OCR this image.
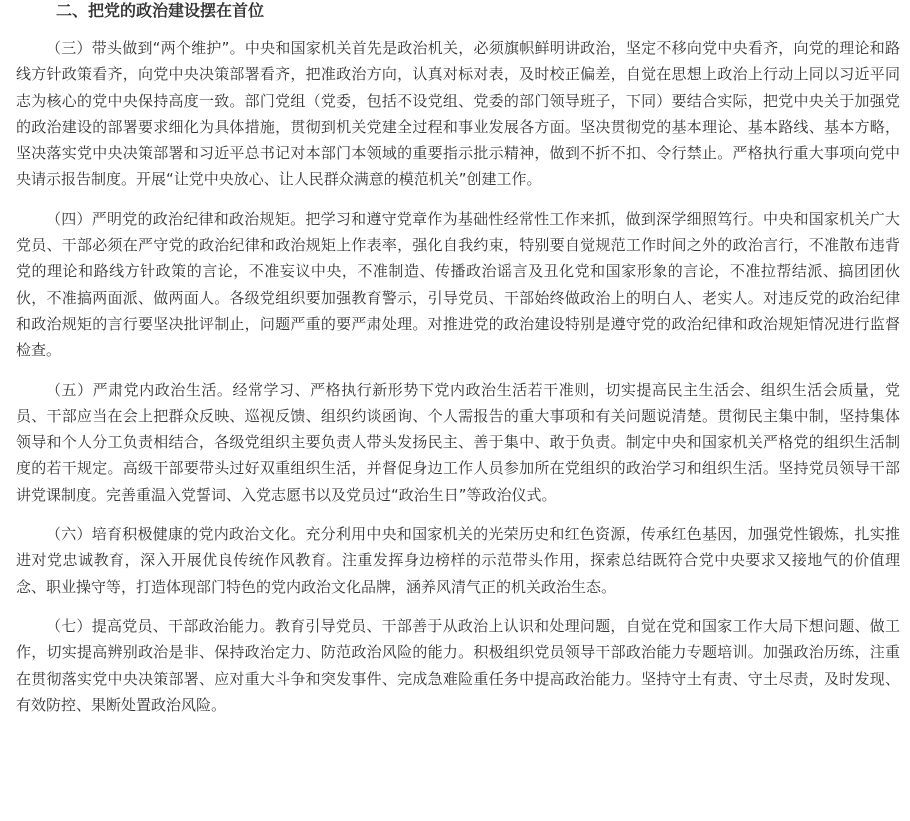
二、把党的政治建设摆在首位

（三）带头做到“两个维护”。中央和国家机关首先是政治机关，必须旗帜鲜明讲政治，坚定不移向党中央看齐，向党的理论和路线方针政策看齐，向党中央决策部署看齐，把准政治方向，认真对标对表，及时校正偏差，自觉在思想上政治上行动上同以习近平同志为核心的党中央保持高度一致。部门党组（党委，包括不设党组、党委的部门领导班子，下同）要结合实际，把党中央关于加强党的政治建设的部署要求细化为具体措施，贯彻到机关党建全过程和事业发展各方面。坚决贯彻党的基本理论、基本路线、基本方略，坚决落实党中央决策部署和习近平总书记对本部门本领域的重要指示批示精神，做到不折不扣、令行禁止。严格执行重大事项向党中央请示报告制度。开展“让党中央放心、让人民群众满意的模范机关”创建工作。

（四）严明党的政治纪律和政治规矩。把学习和遵守党章作为基础性经常性工作来抓，做到深学细照笃行。中央和国家机关广大党员、干部必须在严守党的政治纪律和政治规矩上作表率，强化自我约束，特别要自觉规范工作时间之外的政治言行，不准散布违背党的理论和路线方针政策的言论，不准妄议中央，不准制造、传播政治谣言及丑化党和国家形象的言论，不准拉帮结派、搞团团伙伙，不准搞两面派、做两面人。各级党组织要加强教育警示，引导党员、干部始终做政治上的明白人、老实人。对违反党的政治纪律和政治规矩的言行要坚决批评制止，问题严重的要严肃处理。对推进党的政治建设特别是遵守党的政治纪律和政治规矩情况进行监督检查。

（五）严肃党内政治生活。经常学习、严格执行新形势下党内政治生活若干准则，切实提高民主生活会、组织生活会质量，党员、干部应当在会上把群众反映、巡视反馈、组织约谈函询、个人需报告的重大事项和有关问题说清楚。贯彻民主集中制，坚持集体领导和个人分工负责相结合，各级党组织主要负责人带头发扬民主、善于集中、敢于负责。制定中央和国家机关严格党的组织生活制度的若干规定。高级干部要带头过好双重组织生活，并督促身边工作人员参加所在党组织的政治学习和组织生活。坚持党员领导干部讲党课制度。完善重温入党誓词、入党志愿书以及党员过“政治生日”等政治仪式。

（六）培育积极健康的党内政治文化。充分利用中央和国家机关的光荣历史和红色资源，传承红色基因，加强党性锻炼，扎实推进对党忠诚教育，深入开展优良传统作风教育。注重发挥身边榜样的示范带头作用，探索总结既符合党中央要求又接地气的价值理念、职业操守等，打造体现部门特色的党内政治文化品牌，涵养风清气正的机关政治生态。

（七）提高党员、干部政治能力。教育引导党员、干部善于从政治上认识和处理问题，自觉在党和国家工作大局下想问题、做工作，切实提高辨别政治是非、保持政治定力、防范政治风险的能力。积极组织党员领导干部政治能力专题培训。加强政治历练，注重在贯彻落实党中央决策部署、应对重大斗争和突发事件、完成急难险重任务中提高政治能力。坚持守土有责、守土尽责，及时发现、有效防控、果断处置政治风险。
